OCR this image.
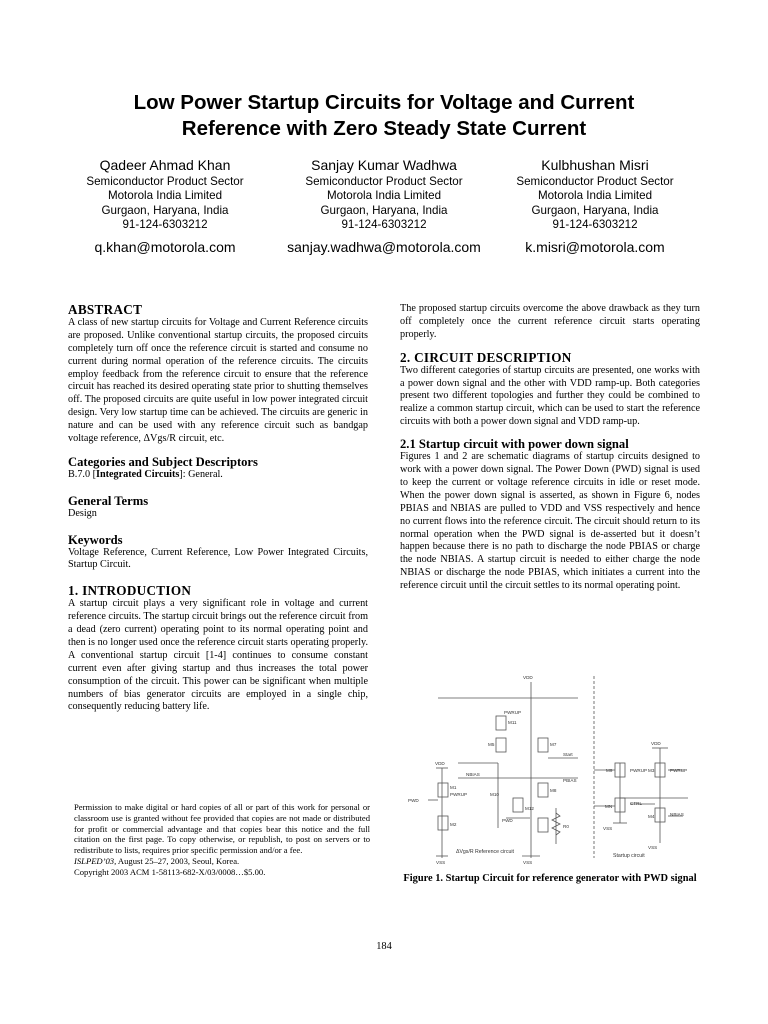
Low Power Startup Circuits for Voltage and Current
Reference with Zero Steady State Current
Qadeer Ahmad Khan
Semiconductor Product Sector
Motorola India Limited
Gurgaon, Haryana, India
91-124-6303212
q.khan@motorola.com
Sanjay Kumar Wadhwa
Semiconductor Product Sector
Motorola India Limited
Gurgaon, Haryana, India
91-124-6303212
sanjay.wadhwa@motorola.com
Kulbhushan Misri
Semiconductor Product Sector
Motorola India Limited
Gurgaon, Haryana, India
91-124-6303212
k.misri@motorola.com
ABSTRACT

A class of new startup circuits for Voltage and Current Reference circuits are proposed. Unlike conventional startup circuits, the proposed circuits completely turn off once the reference circuit is started and consume no current during normal operation of the reference circuits. The circuits employ feedback from the reference circuit to ensure that the reference circuit has reached its desired operating state prior to shutting themselves off. The proposed circuits are quite useful in low power integrated circuit design. Very low startup time can be achieved. The circuits are generic in nature and can be used with any reference circuit such as bandgap voltage reference, ΔVgs/R circuit, etc.

Categories and Subject Descriptors

B.7.0 [Integrated Circuits]: General.

General Terms

Design

Keywords

Voltage Reference, Current Reference, Low Power Integrated Circuits, Startup Circuit.

1. INTRODUCTION

A startup circuit plays a very significant role in voltage and current reference circuits. The startup circuit brings out the reference circuit from a dead (zero current) operating point to its normal operating point and then is no longer used once the reference circuit starts operating properly. A conventional startup circuit [1-4] continues to consume constant current even after giving startup and thus increases the total power consumption of the circuit. This power can be significant when multiple numbers of bias generator circuits are employed in a single chip, consequently reducing battery life.

Permission to make digital or hard copies of all or part of this work for personal or classroom use is granted without fee provided that copies are not made or distributed for profit or commercial advantage and that copies bear this notice and the full citation on the first page. To copy otherwise, or republish, to post on servers or to redistribute to lists, requires prior specific permission and/or a fee.
ISLPED’03, August 25–27, 2003, Seoul, Korea.
Copyright 2003 ACM 1-58113-682-X/03/0008…$5.00.

The proposed startup circuits overcome the above drawback as they turn off completely once the current reference circuit starts operating properly.

2. CIRCUIT DESCRIPTION

Two different categories of startup circuits are presented, one works with a power down signal and the other with VDD ramp-up. Both categories present two different topologies and further they could be combined to realize a common startup circuit, which can be used to start the reference circuits with both a power down signal and VDD ramp-up.

2.1 Startup circuit with power down signal

Figures 1 and 2 are schematic diagrams of startup circuits designed to work with a power down signal. The Power Down (PWD) signal is used to keep the current or voltage reference circuits in idle or reset mode. When the power down signal is asserted, as shown in Figure 6, nodes PBIAS and NBIAS are pulled to VDD and VSS respectively and hence no current flows into the reference circuit. The circuit should return to its normal operation when the PWD signal is de-asserted but it doesn’t happen because there is no path to discharge the node PBIAS or charge the node NBIAS. A startup circuit is needed to either charge the node NBIAS or discharge the node PBIAS, which initiates a current into the reference circuit until the circuit settles to its normal operating point.

VDD
VDD
VDD
VSS	VSS
VSS
VSS
PWD
PWD
PWRUP
PWRUP
PWRUP	PWRUP
NBIAS
NBIAS
PBIAS
Start
CTRL
R0
M1
M2
M5	M7
M8
M9
M10
M11
M12	MN
M3
M4
ΔVgs/R Reference circuit
Startup circuit
Figure 1. Startup Circuit for reference generator with PWD signal
184
